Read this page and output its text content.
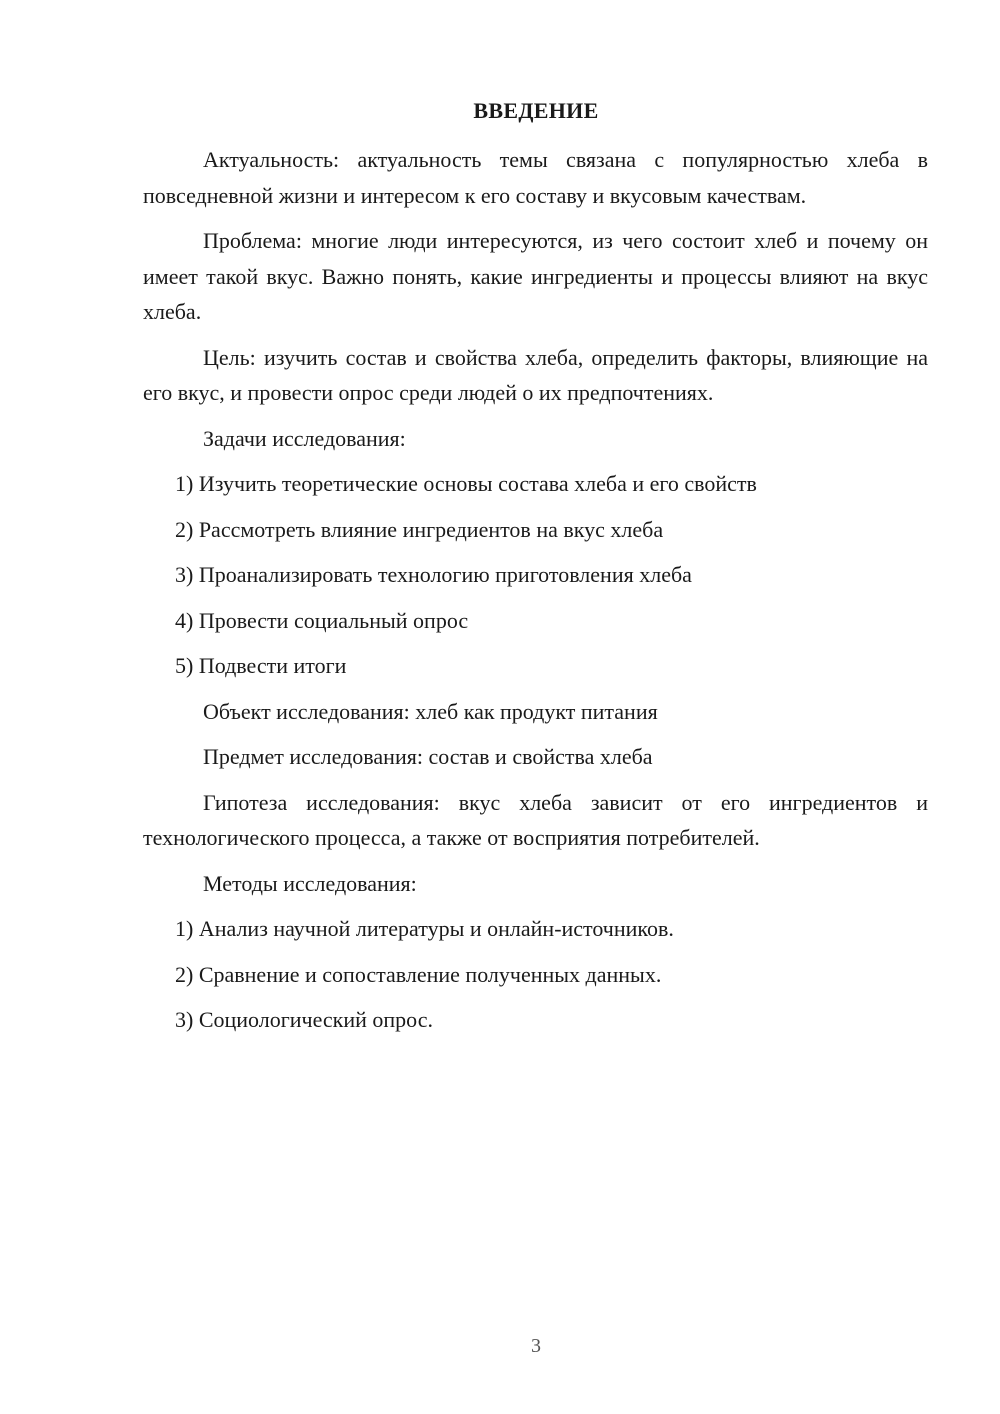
ВВЕДЕНИЕ

Актуальность: актуальность темы связана с популярностью хлеба в повседневной жизни и интересом к его составу и вкусовым качествам.

Проблема: многие люди интересуются, из чего состоит хлеб и почему он имеет такой вкус. Важно понять, какие ингредиенты и процессы влияют на вкус хлеба.

Цель: изучить состав и свойства хлеба, определить факторы, влияющие на его вкус, и провести опрос среди людей о их предпочтениях.

Задачи исследования:

1) Изучить теоретические основы состава хлеба и его свойств

2) Рассмотреть влияние ингредиентов на вкус хлеба

3) Проанализировать технологию приготовления хлеба

4) Провести социальный опрос

5) Подвести итоги

Объект исследования: хлеб как продукт питания

Предмет исследования: состав и свойства хлеба

Гипотеза исследования: вкус хлеба зависит от его ингредиентов и технологического процесса, а также от восприятия потребителей.

Методы исследования:

1) Анализ научной литературы и онлайн-источников.

2) Сравнение и сопоставление полученных данных.

3) Социологический опрос.

3
